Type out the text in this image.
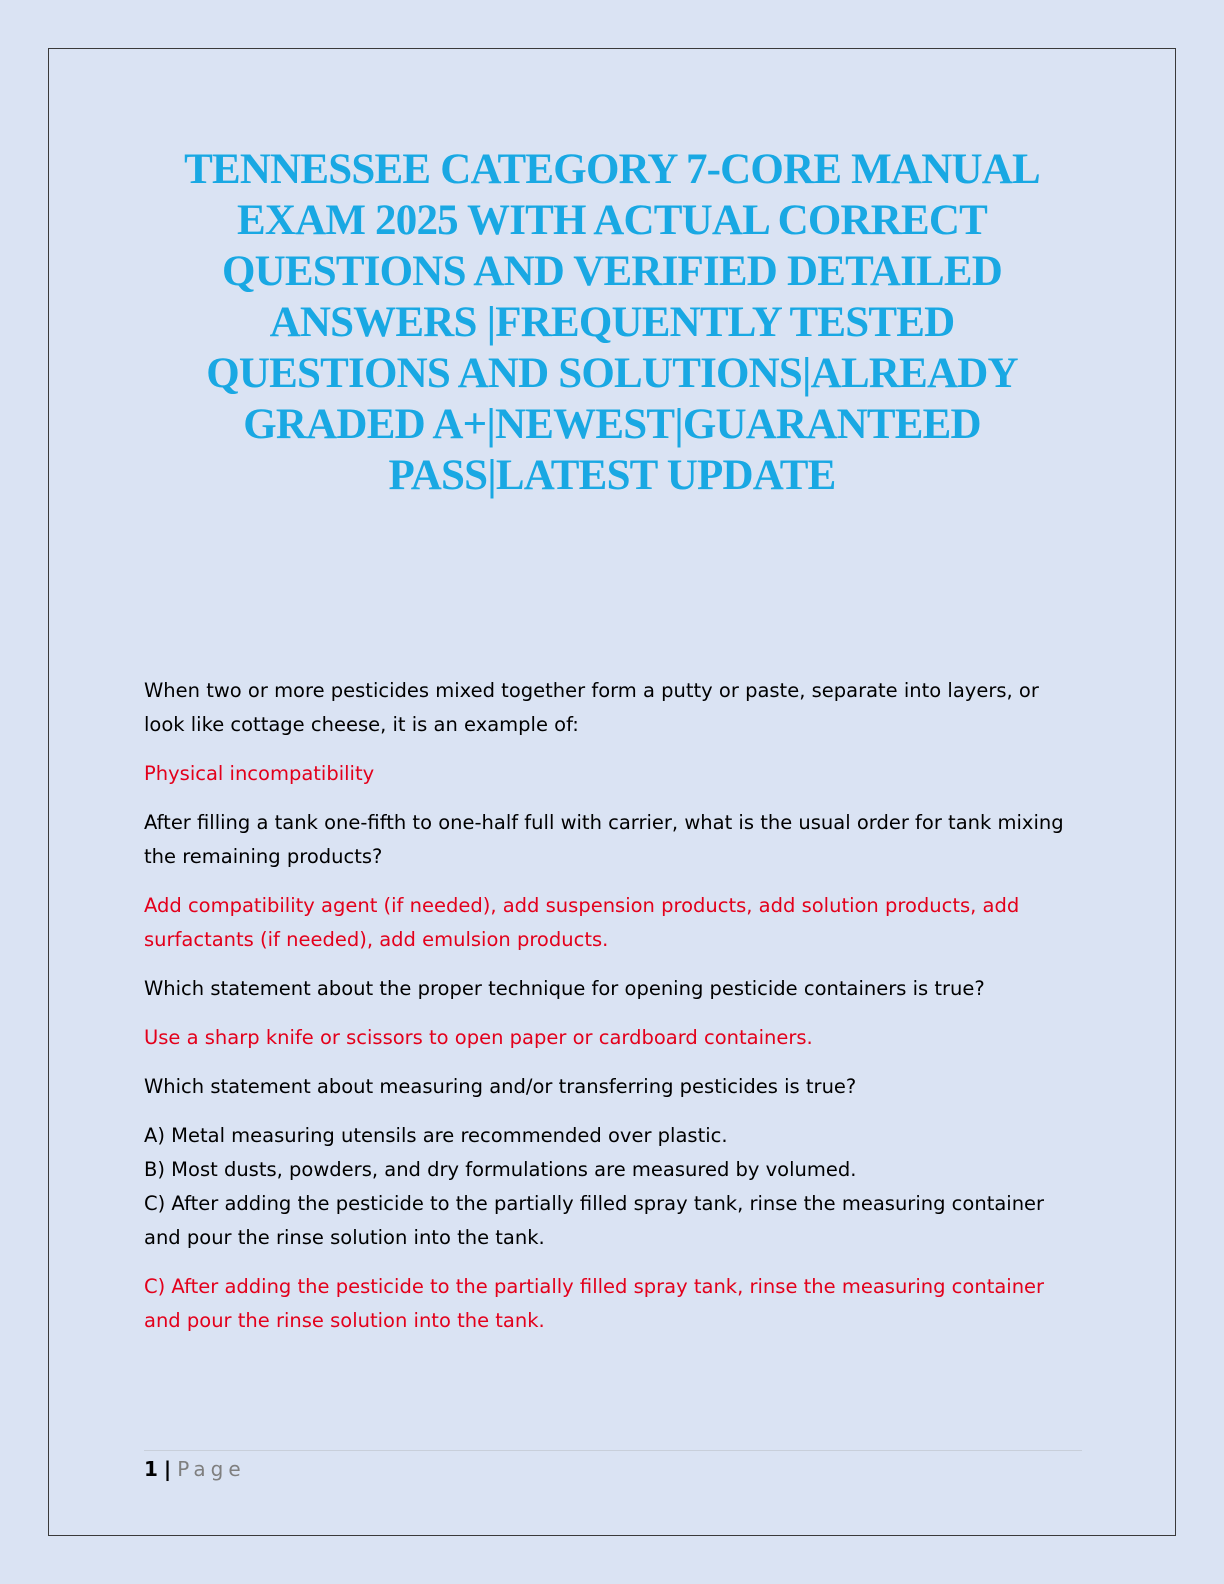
TENNESSEE CATEGORY 7-CORE MANUAL
EXAM 2025 WITH ACTUAL CORRECT
QUESTIONS AND VERIFIED DETAILED
ANSWERS |FREQUENTLY TESTED
QUESTIONS AND SOLUTIONS|ALREADY
GRADED A+|NEWEST|GUARANTEED
PASS|LATEST UPDATE

When two or more pesticides mixed together form a putty or paste, separate into layers, or look like cottage cheese, it is an example of:

Physical incompatibility

After filling a tank one-fifth to one-half full with carrier, what is the usual order for tank mixing the remaining products?

Add compatibility agent (if needed), add suspension products, add solution products, add surfactants (if needed), add emulsion products.

Which statement about the proper technique for opening pesticide containers is true?

Use a sharp knife or scissors to open paper or cardboard containers.

Which statement about measuring and/or transferring pesticides is true?

A) Metal measuring utensils are recommended over plastic.
B) Most dusts, powders, and dry formulations are measured by volumed.
C) After adding the pesticide to the partially filled spray tank, rinse the measuring container and pour the rinse solution into the tank.

C) After adding the pesticide to the partially filled spray tank, rinse the measuring container and pour the rinse solution into the tank.

1 | Page
